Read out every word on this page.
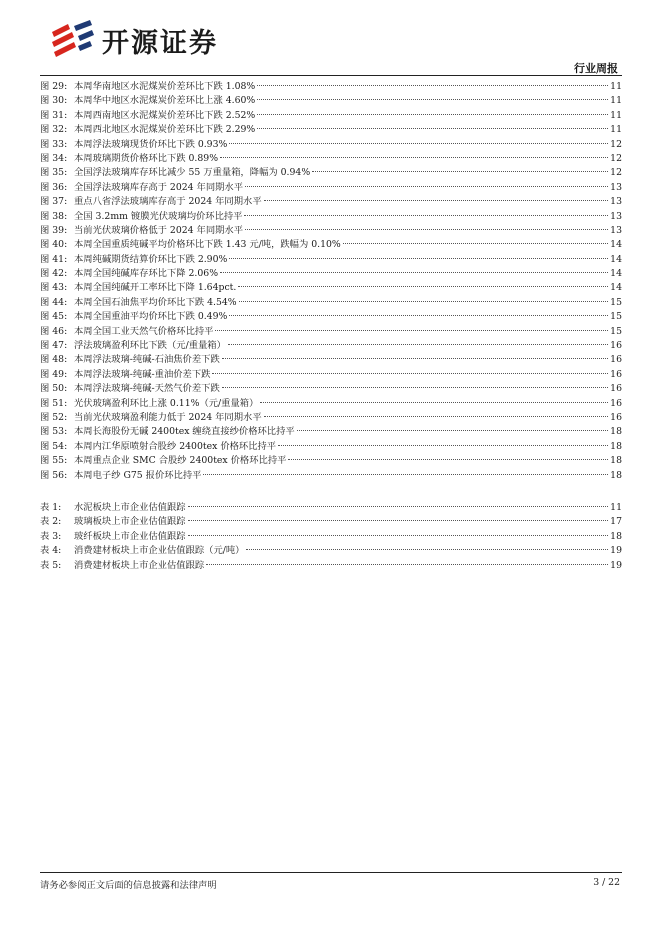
开源证券
行业周报
图 29: 本周华南地区水泥煤炭价差环比下跌 1.08%	11
图 30: 本周华中地区水泥煤炭价差环比上涨 4.60%	11
图 31: 本周西南地区水泥煤炭价差环比下跌 2.52%	11
图 32: 本周西北地区水泥煤炭价差环比下跌 2.29%	11
图 33: 本周浮法玻璃现货价环比下跌 0.93%	12
图 34: 本周玻璃期货价格环比下跌 0.89%	12
图 35: 全国浮法玻璃库存环比减少 55 万重量箱，降幅为 0.94%	12
图 36: 全国浮法玻璃库存高于 2024 年同期水平	13
图 37: 重点八省浮法玻璃库存高于 2024 年同期水平	13
图 38: 全国 3.2mm 镀膜光伏玻璃均价环比持平	13
图 39: 当前光伏玻璃价格低于 2024 年同期水平	13
图 40: 本周全国重质纯碱平均价格环比下跌 1.43 元/吨，跌幅为 0.10%	14
图 41: 本周纯碱期货结算价环比下跌 2.90%	14
图 42: 本周全国纯碱库存环比下降 2.06%	14
图 43: 本周全国纯碱开工率环比下降 1.64pct.	14
图 44: 本周全国石油焦平均价环比下跌 4.54%	15
图 45: 本周全国重油平均价环比下跌 0.49%	15
图 46: 本周全国工业天然气价格环比持平	15
图 47: 浮法玻璃盈利环比下跌（元/重量箱）	16
图 48: 本周浮法玻璃-纯碱-石油焦价差下跌	16
图 49: 本周浮法玻璃-纯碱-重油价差下跌	16
图 50: 本周浮法玻璃-纯碱-天然气价差下跌	16
图 51: 光伏玻璃盈利环比上涨 0.11%（元/重量箱）	16
图 52: 当前光伏玻璃盈利能力低于 2024 年同期水平	16
图 53: 本周长海股份无碱 2400tex 缠绕直接纱价格环比持平	18
图 54: 本周内江华原喷射合股纱 2400tex 价格环比持平	18
图 55: 本周重点企业 SMC 合股纱 2400tex 价格环比持平	18
图 56: 本周电子纱 G75 报价环比持平	18
表 1:	水泥板块上市企业估值跟踪	11
表 2:	玻璃板块上市企业估值跟踪	17
表 3:	玻纤板块上市企业估值跟踪	18
表 4:	消费建材板块上市企业估值跟踪（元/吨）	19
表 5:	消费建材板块上市企业估值跟踪	19
请务必参阅正文后面的信息披露和法律声明	3 / 22
